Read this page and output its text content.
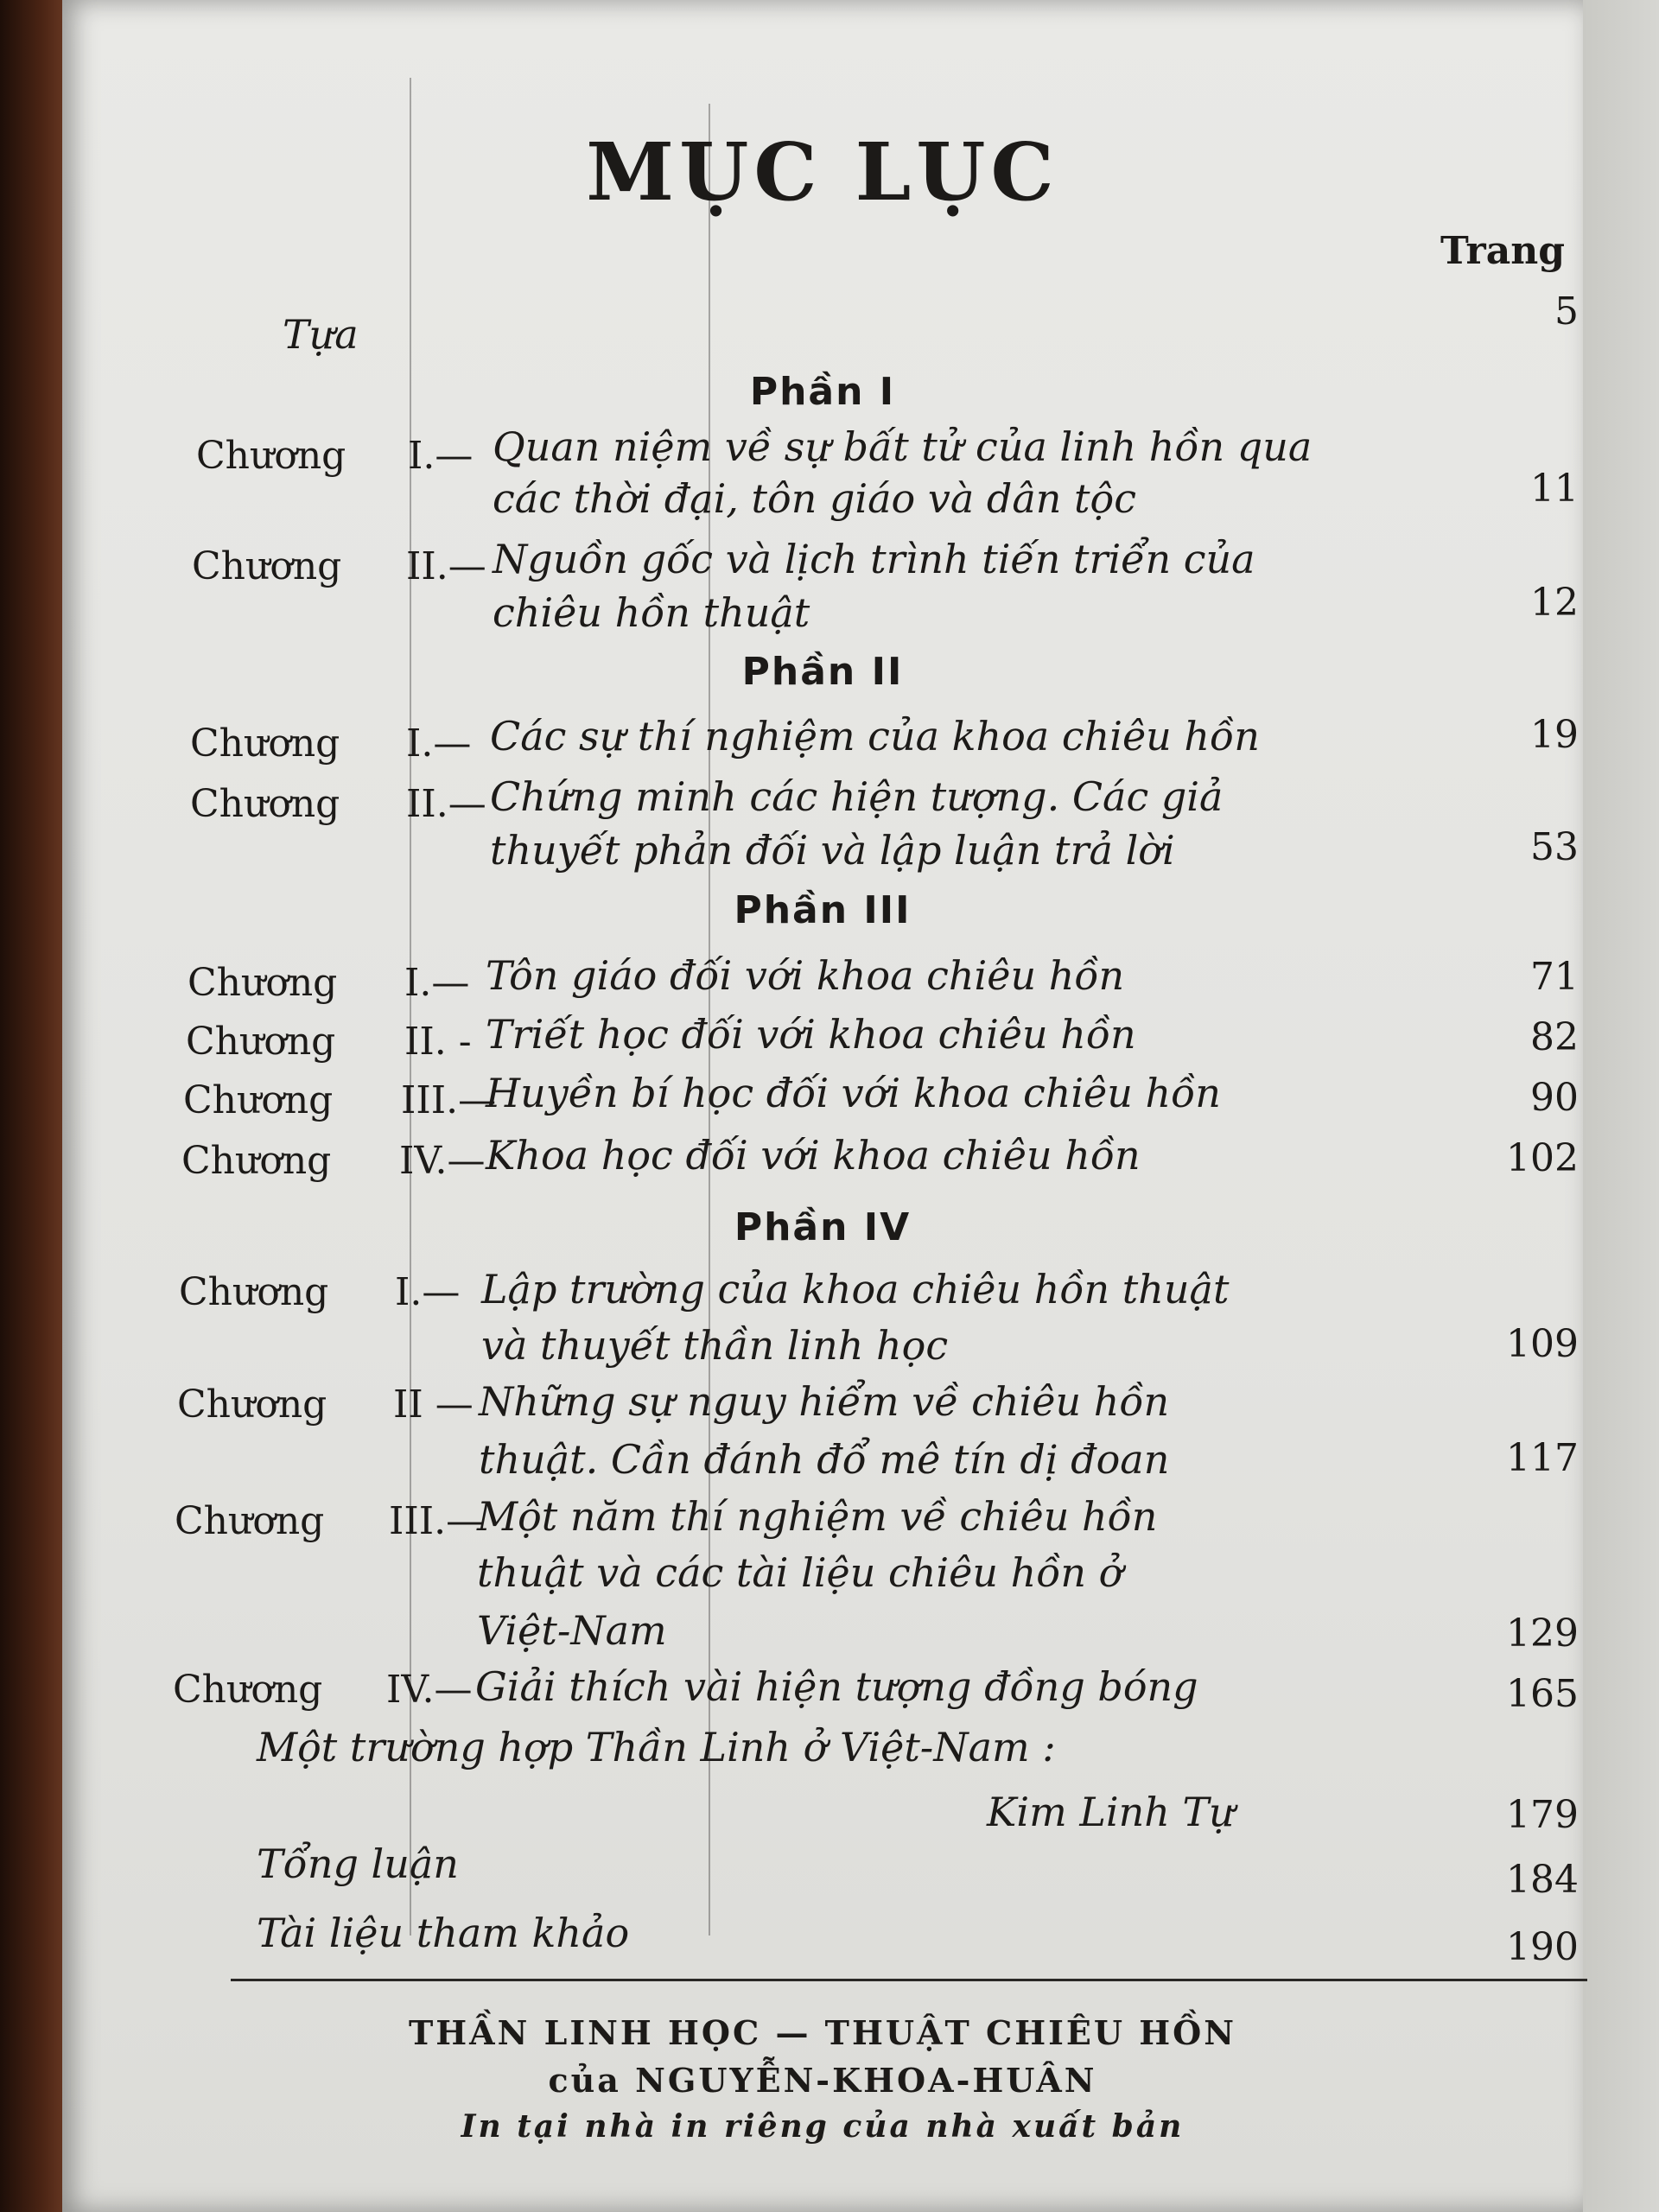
MỤC LỤC
Trang
Tựa	5
Phần I
Chương I.— Quan niệm về sự bất tử của linh hồn qua
các thời đại, tôn giáo và dân tộc	11
Chương II.— Nguồn gốc và lịch trình tiến triển của
chiêu hồn thuật	12
Phần II
Chương I.— Các sự thí nghiệm của khoa chiêu hồn	19
Chương II.— Chứng minh các hiện tượng. Các giả
thuyết phản đối và lập luận trả lời	53
Phần III
Chương I.— Tôn giáo đối với khoa chiêu hồn	71
Chương II. - Triết học đối với khoa chiêu hồn	82
Chương III.—
Huyền bí học đối với khoa chiêu hồn	90
Chương IV.— Khoa học đối với khoa chiêu hồn	102
Phần IV
Chương I.— Lập trường của khoa chiêu hồn thuật
và thuyết thần linh học	109
Chương II — Những sự nguy hiểm về chiêu hồn
thuật. Cần đánh đổ mê tín dị đoan	117
Chương III.—
Một năm thí nghiệm về chiêu hồn
thuật và các tài liệu chiêu hồn ở
Việt-Nam	129
Chương IV.— Giải thích vài hiện tượng đồng bóng	165
Một trường hợp Thần Linh ở Việt-Nam :
Kim Linh Tự	179
Tổng luận	184
Tài liệu tham khảo	190
THẦN LINH HỌC — THUẬT CHIÊU HỒN
của NGUYỄN-KHOA-HUÂN
In tại nhà in riêng của nhà xuất bản
